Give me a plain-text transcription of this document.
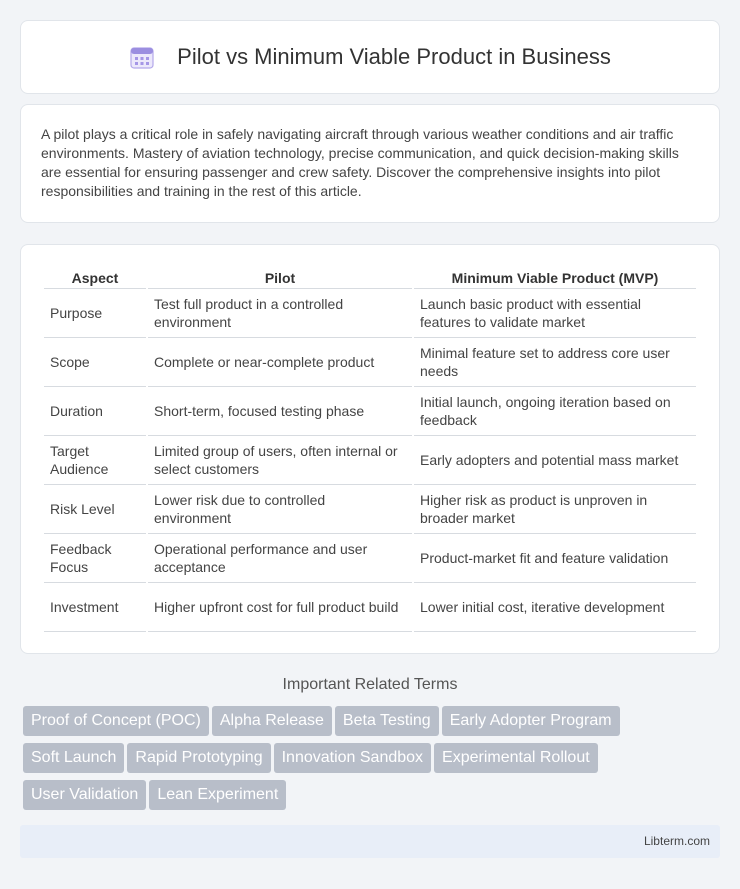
Pilot vs Minimum Viable Product in Business

A pilot plays a critical role in safely navigating aircraft through various weather conditions and air traffic environments. Mastery of aviation technology, precise communication, and quick decision-making skills are essential for ensuring passenger and crew safety. Discover the comprehensive insights into pilot responsibilities and training in the rest of this article.

Aspect	Pilot	Minimum Viable Product (MVP)
Purpose	Test full product in a controlled environment	Launch basic product with essential features to validate market
Scope	Complete or near-complete product	Minimal feature set to address core user needs
Duration	Short-term, focused testing phase	Initial launch, ongoing iteration based on feedback
Target Audience	Limited group of users, often internal or select customers	Early adopters and potential mass market
Risk Level	Lower risk due to controlled environment	Higher risk as product is unproven in broader market
Feedback Focus	Operational performance and user acceptance	Product-market fit and feature validation
Investment	Higher upfront cost for full product build	Lower initial cost, iterative development
Important Related Terms
Proof of Concept (POC) Alpha Release Beta Testing Early Adopter Program
Soft Launch Rapid Prototyping Innovation Sandbox Experimental Rollout
User Validation Lean Experiment
Libterm.com
